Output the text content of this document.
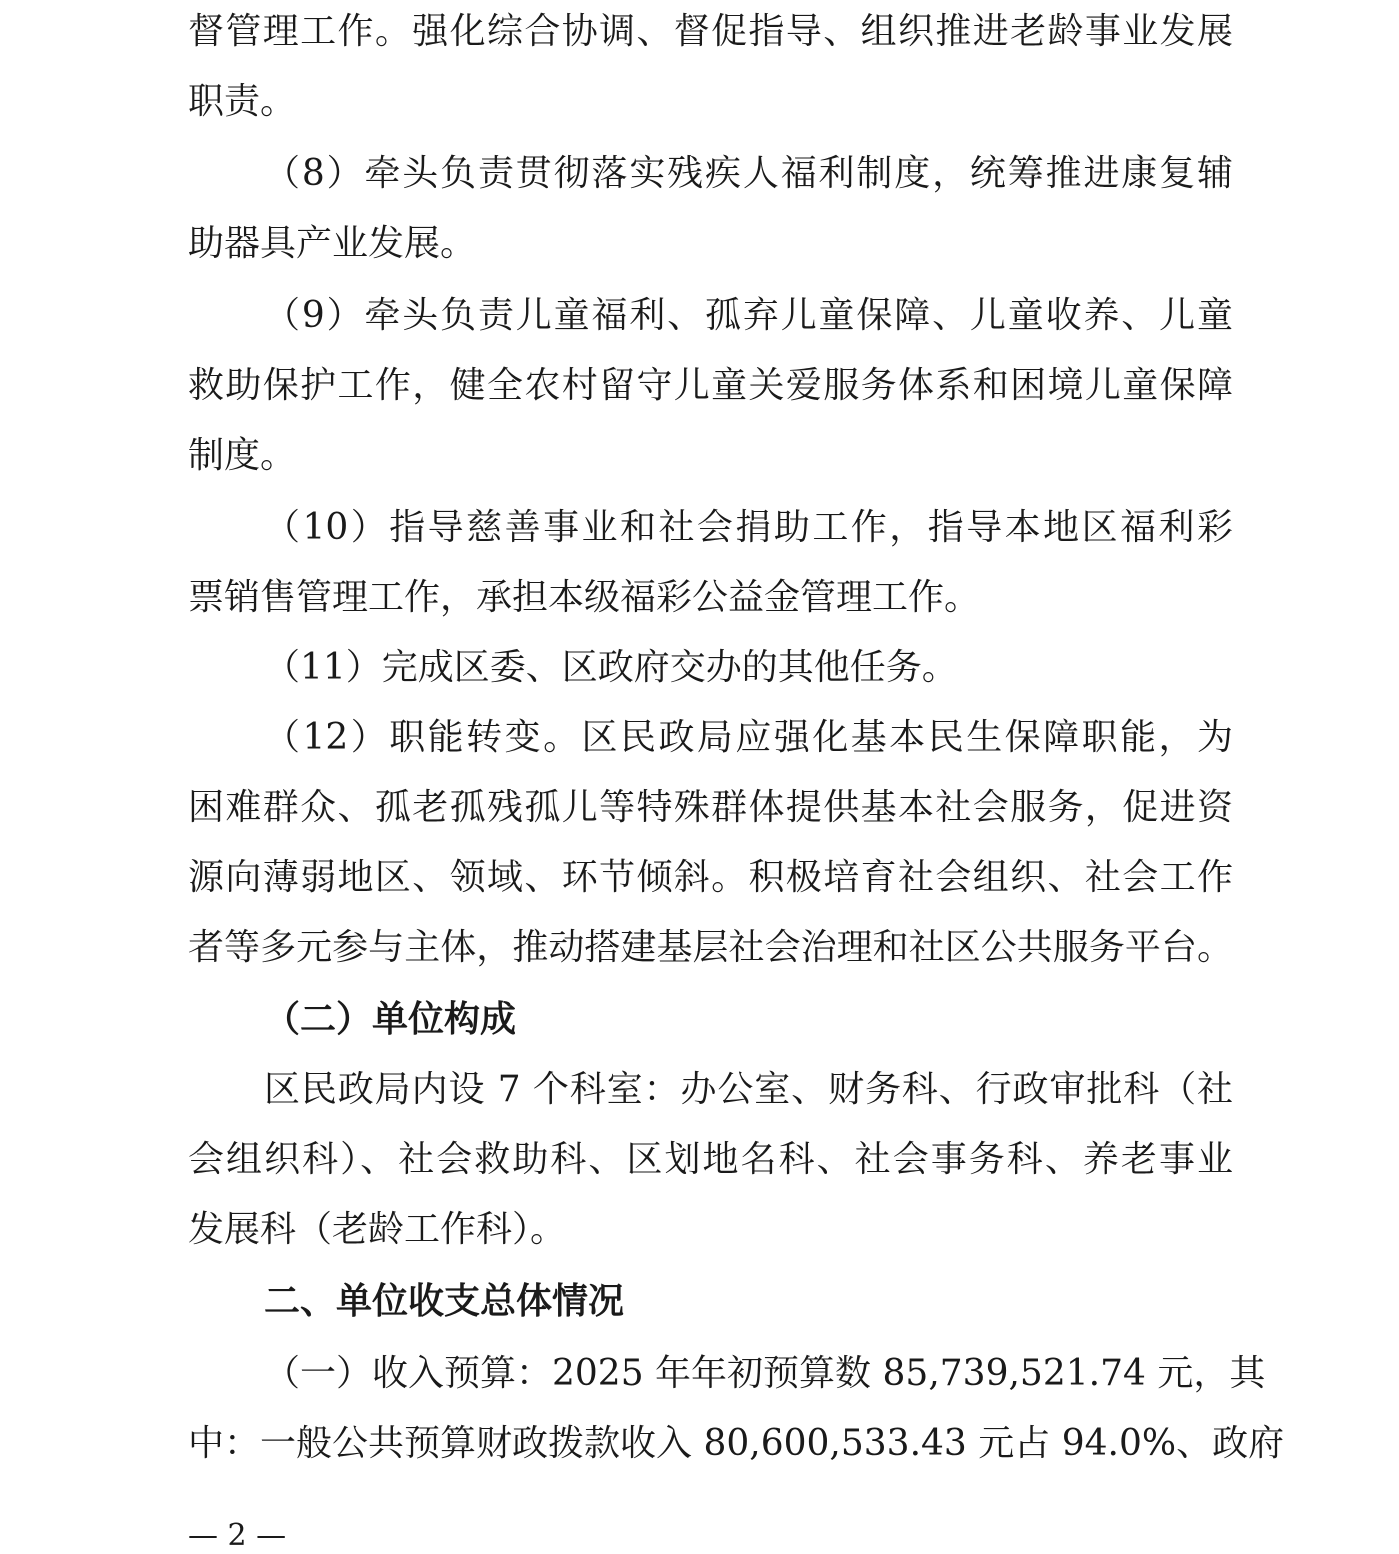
督管理工作。强化综合协调、督促指导、组织推进老龄事业发展
职责。
（8）牵头负责贯彻落实残疾人福利制度，统筹推进康复辅
助器具产业发展。
（9）牵头负责儿童福利、孤弃儿童保障、儿童收养、儿童
救助保护工作，健全农村留守儿童关爱服务体系和困境儿童保障
制度。
（10）指导慈善事业和社会捐助工作，指导本地区福利彩
票销售管理工作，承担本级福彩公益金管理工作。
（11）完成区委、区政府交办的其他任务。
（12）职能转变。区民政局应强化基本民生保障职能，为
困难群众、孤老孤残孤儿等特殊群体提供基本社会服务，促进资
源向薄弱地区、领域、环节倾斜。积极培育社会组织、社会工作
者等多元参与主体，推动搭建基层社会治理和社区公共服务平台。
（二）单位构成
区民政局内设 7 个科室：办公室、财务科、行政审批科（社
会组织科）、社会救助科、区划地名科、社会事务科、养老事业
发展科（老龄工作科）。
二、单位收支总体情况
（一）收入预算：2025 年年初预算数 85,739,521.74 元，其
中：一般公共预算财政拨款收入 80,600,533.43 元占 94.0%、政府
— 2 —
